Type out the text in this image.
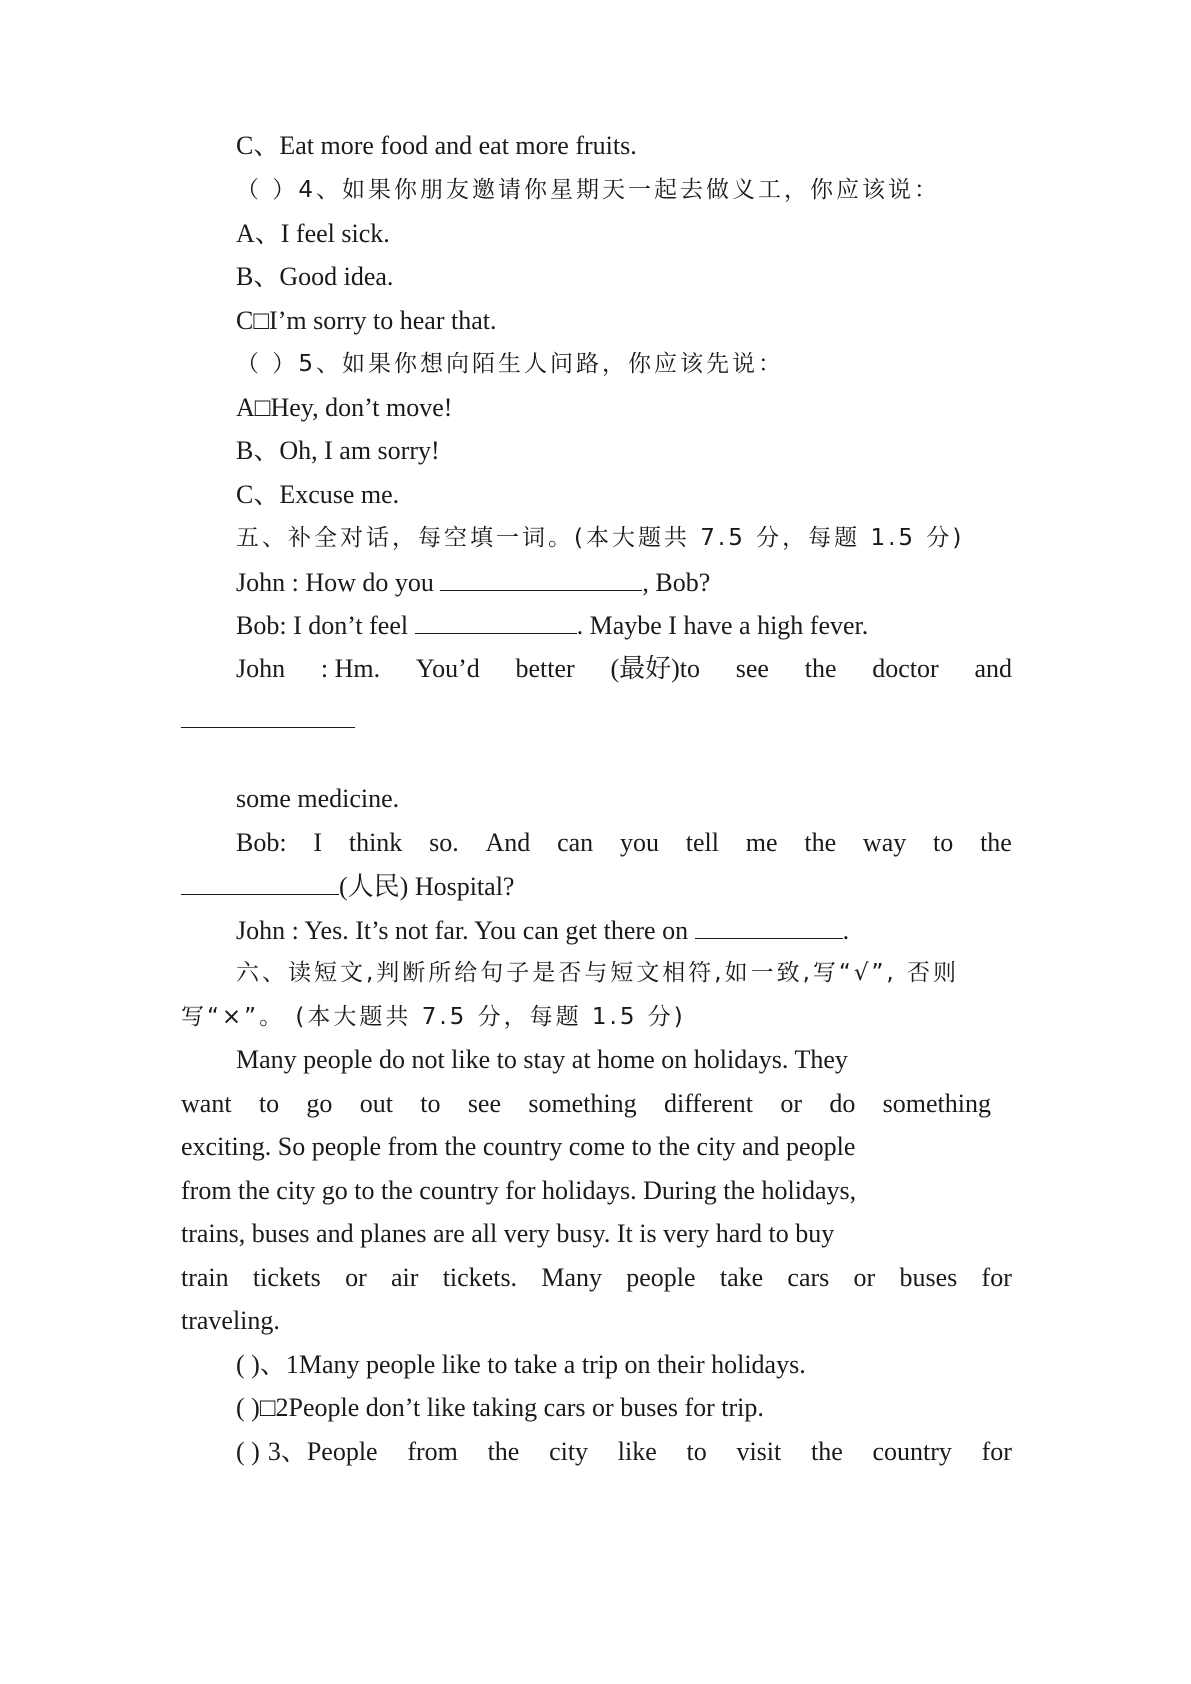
C、Eat more food and eat more fruits.
（ ）4、如果你朋友邀请你星期天一起去做义工，你应该说：
A、I feel sick.
B、Good idea.
C□I’m sorry to hear that.
（ ）5、如果你想向陌生人问路，你应该先说：
A□Hey, don’t move!
B、Oh, I am sorry!
C、Excuse me.
五、补全对话，每空填一词。(本大题共 7.5 分，每题 1.5 分)
John : How do you	, Bob?
Bob: I don’t feel	. Maybe I have a high fever.
John : Hm. You’d better (最好)to see the doctor and
some medicine.
Bob: I think so. And can you tell me the way to the
(人民) Hospital?
John : Yes. It’s not far. You can get there on	.
六、读短文,判断所给句子是否与短文相符,如一致,写“√”, 否则
写“×”。 (本大题共 7.5 分，每题 1.5 分)
Many people do not like to stay at home on holidays. They
want to go out to see something different or do something
exciting. So people from the country come to the city and people
from the city go to the country for holidays. During the holidays,
trains, buses and planes are all very busy. It is very hard to buy
train tickets or air tickets. Many people take cars or buses for
traveling.
( )、1Many people like to take a trip on their holidays.
( )□2People don’t like taking cars or buses for trip.
( ) 3、People from the city like to visit the country for
